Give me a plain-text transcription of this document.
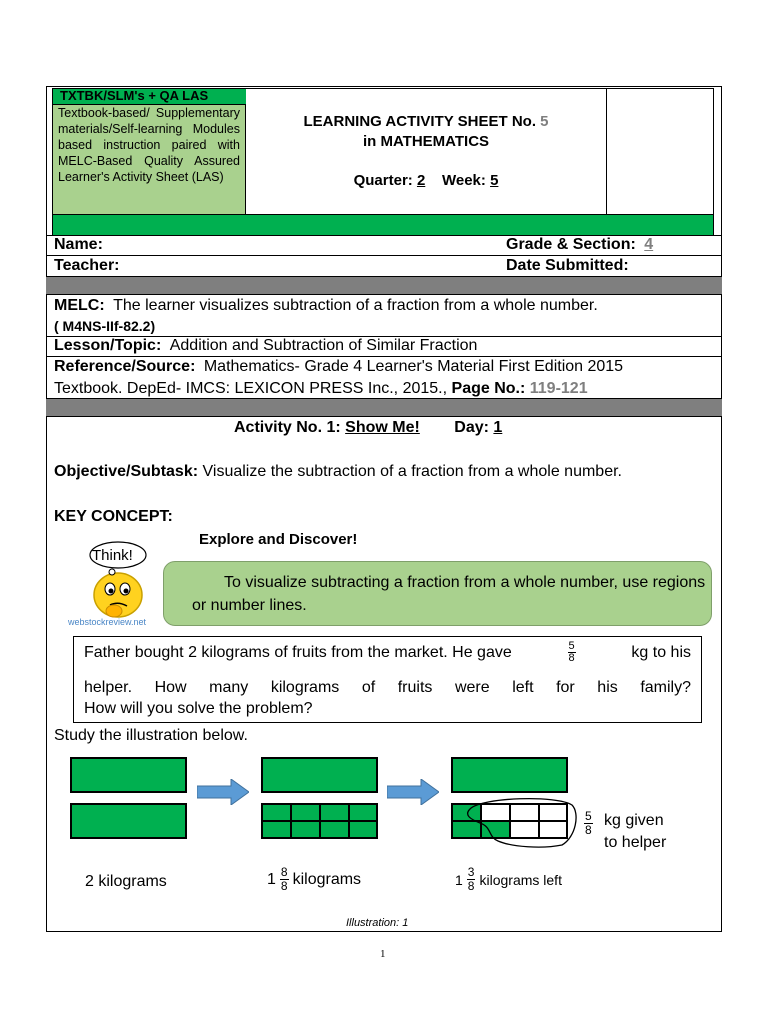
TXTBK/SLM's + QA LAS
Textbook-based/ Supplementary materials/Self-learning Modules based instruction paired with MELC-Based Quality Assured Learner's Activity Sheet (LAS)
LEARNING ACTIVITY SHEET No. 5
in MATHEMATICS
Quarter: 2 Week: 5
Name:	Grade & Section: 4
Teacher:	Date Submitted:
MELC: The learner visualizes subtraction of a fraction from a whole number.
( M4NS-IIf-82.2)
Lesson/Topic: Addition and Subtraction of Similar Fraction
Reference/Source: Mathematics- Grade 4 Learner's Material First Edition 2015
Textbook. DepEd- IMCS: LEXICON PRESS Inc., 2015., Page No.: 119-121
Activity No. 1: Show Me! Day: 1
Objective/Subtask: Visualize the subtraction of a fraction from a whole number.
KEY CONCEPT:
Explore and Discover!
Think!
webstockreview.net
To visualize subtracting a fraction from a whole number, use regions or number lines.
Father bought 2 kilograms of fruits from the market. He gave	$\frac{5}{8}$	kg to his
helper. How many kilograms of fruits were left for his family?
How will you solve the problem?
Study the illustration below.
$\frac{5}{8}$ kg given
to helper
2 kilograms	$1 \frac{8}{8}$ kilograms	$1 \frac{3}{8}$ kilograms left
Illustration: 1
1
